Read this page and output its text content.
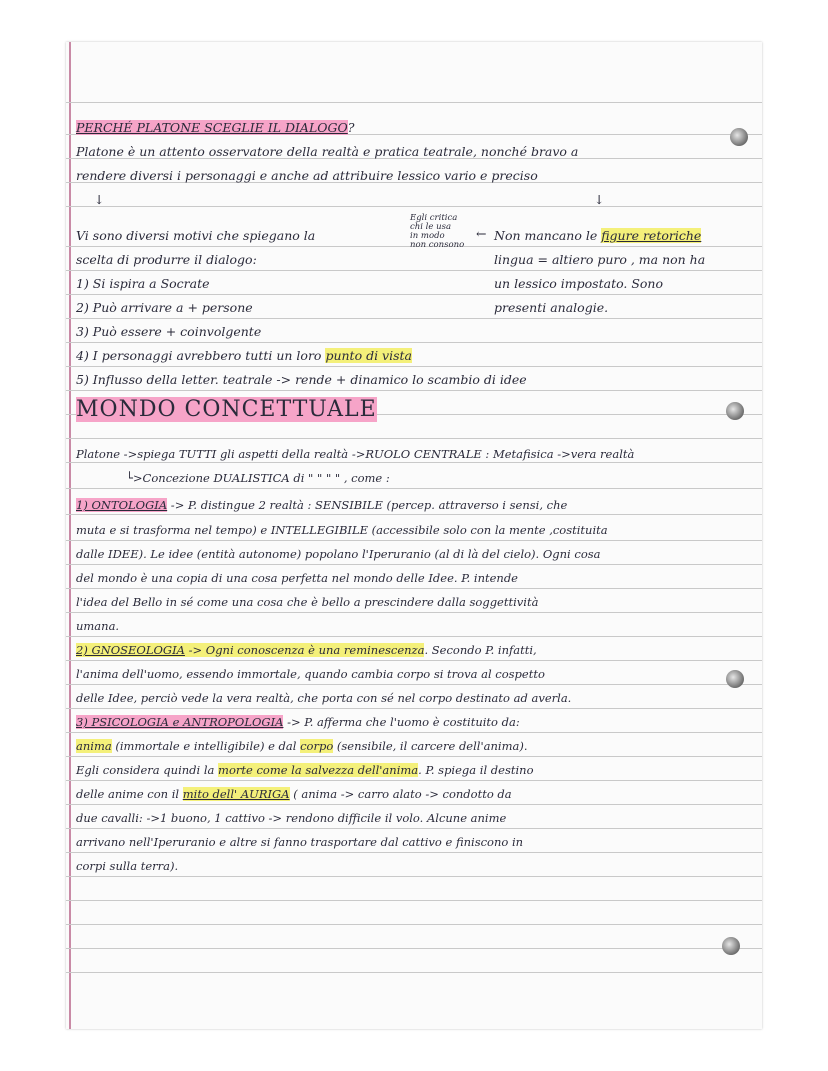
PERCHÉ PLATONE SCEGLIE IL DIALOGO?
Platone è un attento osservatore della realtà e pratica teatrale, nonché bravo a
rendere diversi i personaggi e anche ad attribuire lessico vario e preciso
↓	↓
Vi sono diversi motivi che spiegano la
scelta di produrre il dialogo:
1) Si ispira a Socrate
2) Può arrivare a + persone
Egli critica
chi le usa
in modo
non consono
← Non mancano le figure retoriche
lingua = altiero puro , ma non ha
un lessico impostato. Sono
presenti analogie.
3) Può essere + coinvolgente
4) I personaggi avrebbero tutti un loro punto di vista
5) Influsso della letter. teatrale -> rende + dinamico lo scambio di idee
MONDO CONCETTUALE
Platone ->spiega TUTTI gli aspetti della realtà ->RUOLO CENTRALE : Metafisica ->vera realtà
└>Concezione DUALISTICA di " " " " , come :
1) ONTOLOGIA -> P. distingue 2 realtà : SENSIBILE (percep. attraverso i sensi, che
muta e si trasforma nel tempo) e INTELLEGIBILE (accessibile solo con la mente ,costituita
dalle IDEE). Le idee (entità autonome) popolano l'Iperuranio (al di là del cielo). Ogni cosa
del mondo è una copia di una cosa perfetta nel mondo delle Idee. P. intende
l'idea del Bello in sé come una cosa che è bello a prescindere dalla soggettività
umana.
2) GNOSEOLOGIA -> Ogni conoscenza è una reminescenza. Secondo P. infatti,
l'anima dell'uomo, essendo immortale, quando cambia corpo si trova al cospetto
delle Idee, perciò vede la vera realtà, che porta con sé nel corpo destinato ad averla.
3) PSICOLOGIA e ANTROPOLOGIA -> P. afferma che l'uomo è costituito da:
anima (immortale e intelligibile) e dal corpo (sensibile, il carcere dell'anima).
Egli considera quindi la morte come la salvezza dell'anima. P. spiega il destino
delle anime con il mito dell' AURIGA ( anima -> carro alato -> condotto da
due cavalli: ->1 buono, 1 cattivo -> rendono difficile il volo. Alcune anime
arrivano nell'Iperuranio e altre si fanno trasportare dal cattivo e finiscono in
corpi sulla terra).
